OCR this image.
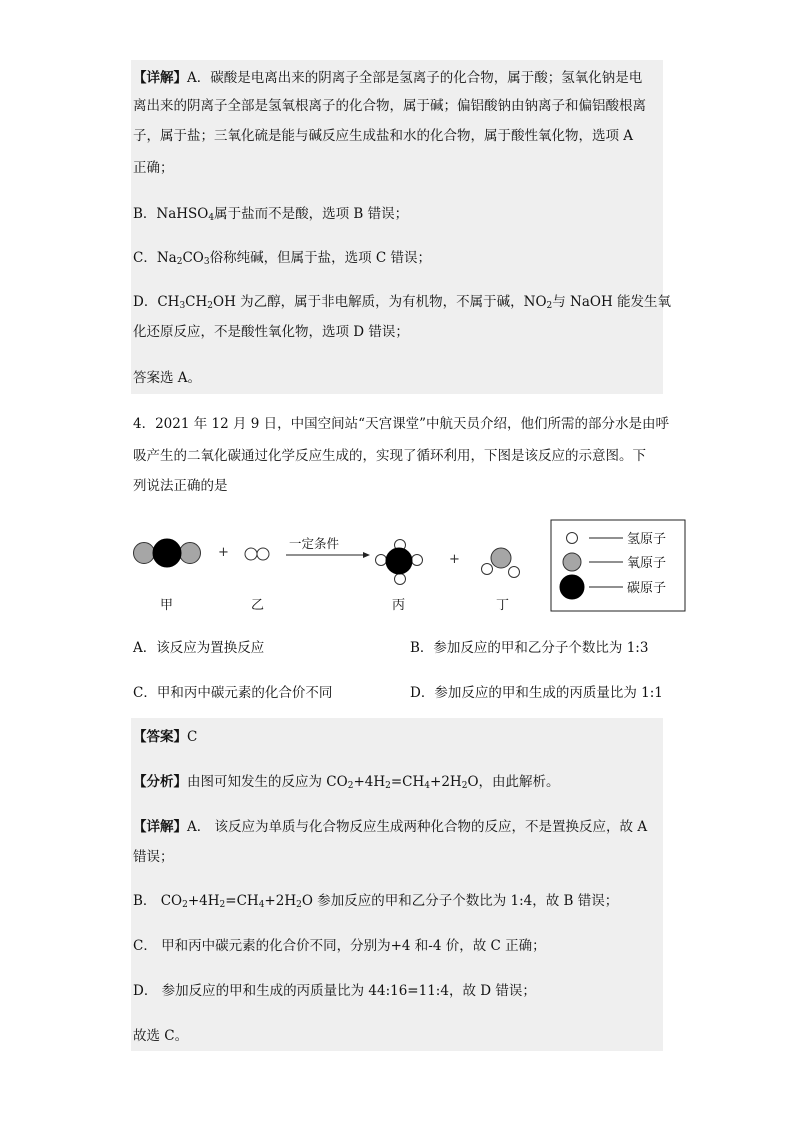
【详解】A．碳酸是电离出来的阴离子全部是氢离子的化合物，属于酸；氢氧化钠是电
离出来的阴离子全部是氢氧根离子的化合物，属于碱；偏铝酸钠由钠离子和偏铝酸根离
子，属于盐；三氧化硫是能与碱反应生成盐和水的化合物，属于酸性氧化物，选项 A
正确；
B．NaHSO$_4$属于盐而不是酸，选项 B 错误；
C．$Na_2CO_3$俗称纯碱，但属于盐，选项 C 错误；
D．$CH_3CH_2OH$ 为乙醇，属于非电解质，为有机物，不属于碱，$NO_2$与 NaOH 能发生氧
化还原反应，不是酸性氧化物，选项 D 错误；
答案选 A。
4．2021 年 12 月 9 日，中国空间站“天宫课堂”中航天员介绍，他们所需的部分水是由呼
吸产生的二氧化碳通过化学反应生成的，实现了循环利用，下图是该反应的示意图。下
列说法正确的是
+	+
一定条件	氢原子
氧原子
碳原子
甲	乙	丙	丁
A．该反应为置换反应	B．参加反应的甲和乙分子个数比为 1:3
C．甲和丙中碳元素的化合价不同	D．参加反应的甲和生成的丙质量比为 1:1
【答案】C
【分析】由图可知发生的反应为 $CO_2+4H_2=CH_4+2H_2O$，由此解析。
【详解】A． 该反应为单质与化合物反应生成两种化合物的反应，不是置换反应，故 A
错误；
B． $CO_2+4H_2=CH_4+2H_2O$ 参加反应的甲和乙分子个数比为 1:4，故 B 错误；
C． 甲和丙中碳元素的化合价不同，分别为+4 和-4 价，故 C 正确；
D． 参加反应的甲和生成的丙质量比为 44:16=11:4，故 D 错误；
故选 C。
